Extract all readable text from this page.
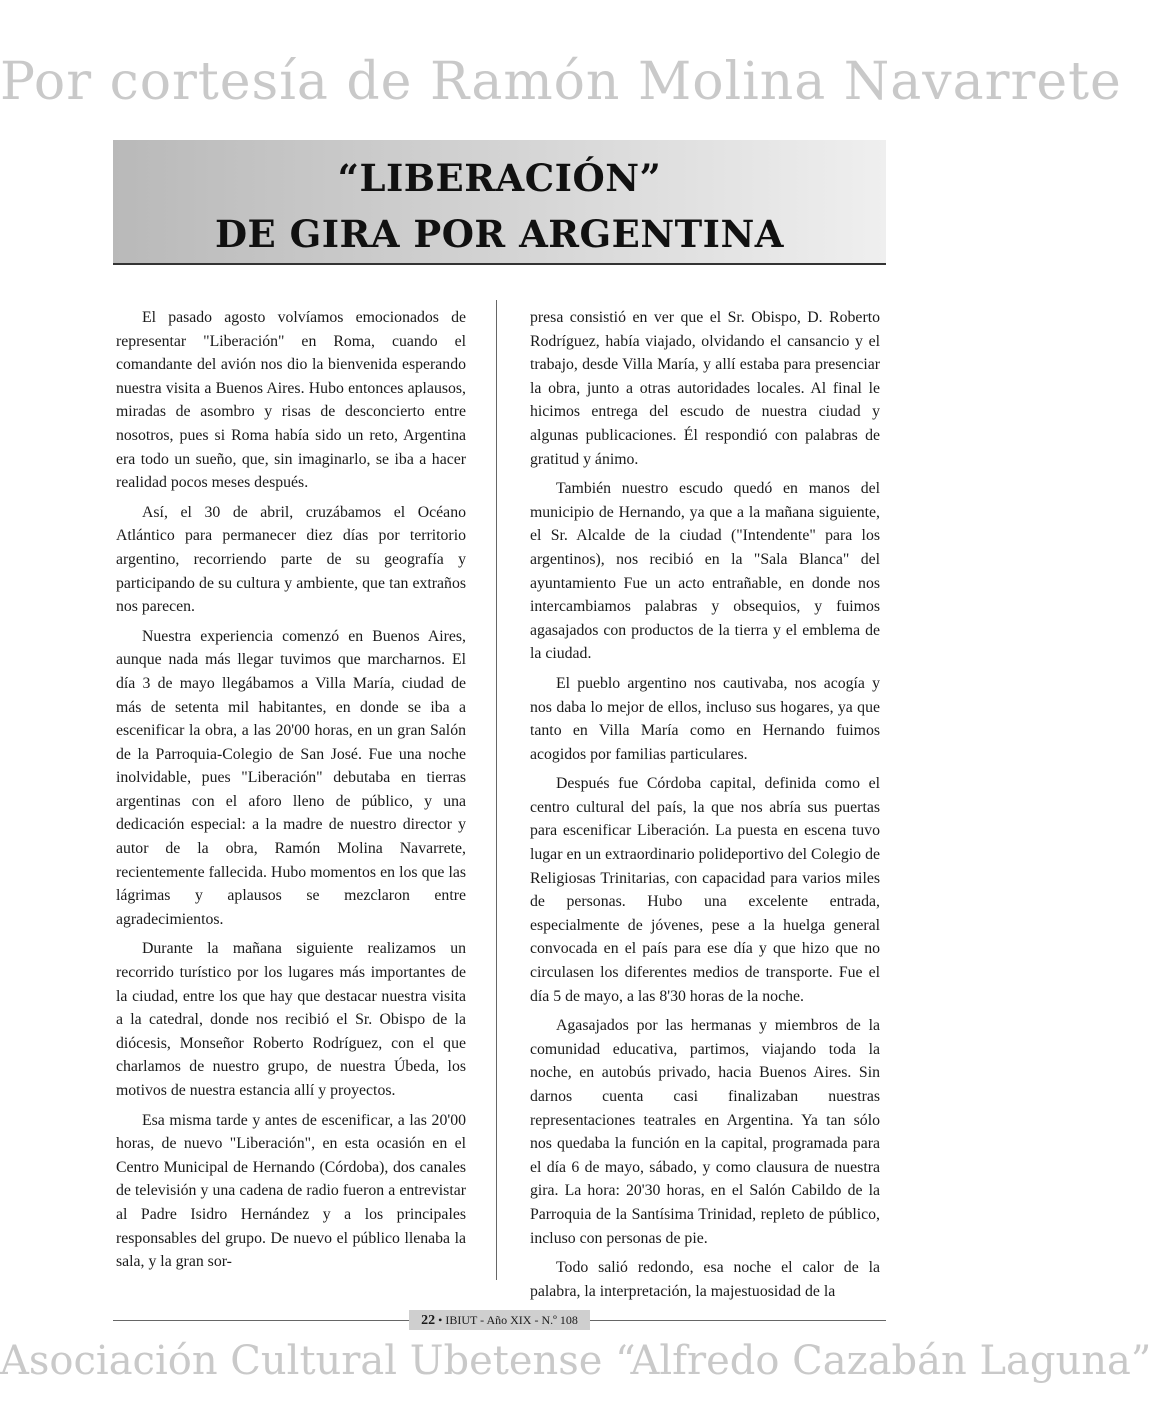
Por cortesía de Ramón Molina Navarrete
“LIBERACIÓN”
DE GIRA POR ARGENTINA

El pasado agosto volvíamos emocionados de representar "Liberación" en Roma, cuando el comandante del avión nos dio la bienvenida esperando nuestra visita a Buenos Aires. Hubo entonces aplausos, miradas de asombro y risas de desconcierto entre nosotros, pues si Roma había sido un reto, Argentina era todo un sueño, que, sin imaginarlo, se iba a hacer realidad pocos meses después.

Así, el 30 de abril, cruzábamos el Océano Atlántico para permanecer diez días por territorio argentino, recorriendo parte de su geografía y participando de su cultura y ambiente, que tan extraños nos parecen.

Nuestra experiencia comenzó en Buenos Aires, aunque nada más llegar tuvimos que marcharnos. El día 3 de mayo llegábamos a Villa María, ciudad de más de setenta mil habitantes, en donde se iba a escenificar la obra, a las 20'00 horas, en un gran Salón de la Parroquia-Colegio de San José. Fue una noche inolvidable, pues "Liberación" debutaba en tierras argentinas con el aforo lleno de público, y una dedicación especial: a la madre de nuestro director y autor de la obra, Ramón Molina Navarrete, recientemente fallecida. Hubo momentos en los que las lágrimas y aplausos se mezclaron entre agradecimientos.

Durante la mañana siguiente realizamos un recorrido turístico por los lugares más importantes de la ciudad, entre los que hay que destacar nuestra visita a la catedral, donde nos recibió el Sr. Obispo de la diócesis, Monseñor Roberto Rodríguez, con el que charlamos de nuestro grupo, de nuestra Úbeda, los motivos de nuestra estancia allí y proyectos.

Esa misma tarde y antes de escenificar, a las 20'00 horas, de nuevo "Liberación", en esta ocasión en el Centro Municipal de Hernando (Córdoba), dos canales de televisión y una cadena de radio fueron a entrevistar al Padre Isidro Hernández y a los principales responsables del grupo. De nuevo el público llenaba la sala, y la gran sor-

presa consistió en ver que el Sr. Obispo, D. Roberto Rodríguez, había viajado, olvidando el cansancio y el trabajo, desde Villa María, y allí estaba para presenciar la obra, junto a otras autoridades locales. Al final le hicimos entrega del escudo de nuestra ciudad y algunas publicaciones. Él respondió con palabras de gratitud y ánimo.

También nuestro escudo quedó en manos del municipio de Hernando, ya que a la mañana siguiente, el Sr. Alcalde de la ciudad ("Intendente" para los argentinos), nos recibió en la "Sala Blanca" del ayuntamiento Fue un acto entrañable, en donde nos intercambiamos palabras y obsequios, y fuimos agasajados con productos de la tierra y el emblema de la ciudad.

El pueblo argentino nos cautivaba, nos acogía y nos daba lo mejor de ellos, incluso sus hogares, ya que tanto en Villa María como en Hernando fuimos acogidos por familias particulares.

Después fue Córdoba capital, definida como el centro cultural del país, la que nos abría sus puertas para escenificar Liberación. La puesta en escena tuvo lugar en un extraordinario polideportivo del Colegio de Religiosas Trinitarias, con capacidad para varios miles de personas. Hubo una excelente entrada, especialmente de jóvenes, pese a la huelga general convocada en el país para ese día y que hizo que no circulasen los diferentes medios de transporte. Fue el día 5 de mayo, a las 8'30 horas de la noche.

Agasajados por las hermanas y miembros de la comunidad educativa, partimos, viajando toda la noche, en autobús privado, hacia Buenos Aires. Sin darnos cuenta casi finalizaban nuestras representaciones teatrales en Argentina. Ya tan sólo nos quedaba la función en la capital, programada para el día 6 de mayo, sábado, y como clausura de nuestra gira. La hora: 20'30 horas, en el Salón Cabildo de la Parroquia de la Santísima Trinidad, repleto de público, incluso con personas de pie.

Todo salió redondo, esa noche el calor de la palabra, la interpretación, la majestuosidad de la

22 • IBIUT - Año XIX - N.º 108
Asociación Cultural Ubetense “Alfredo Cazabán Laguna”
